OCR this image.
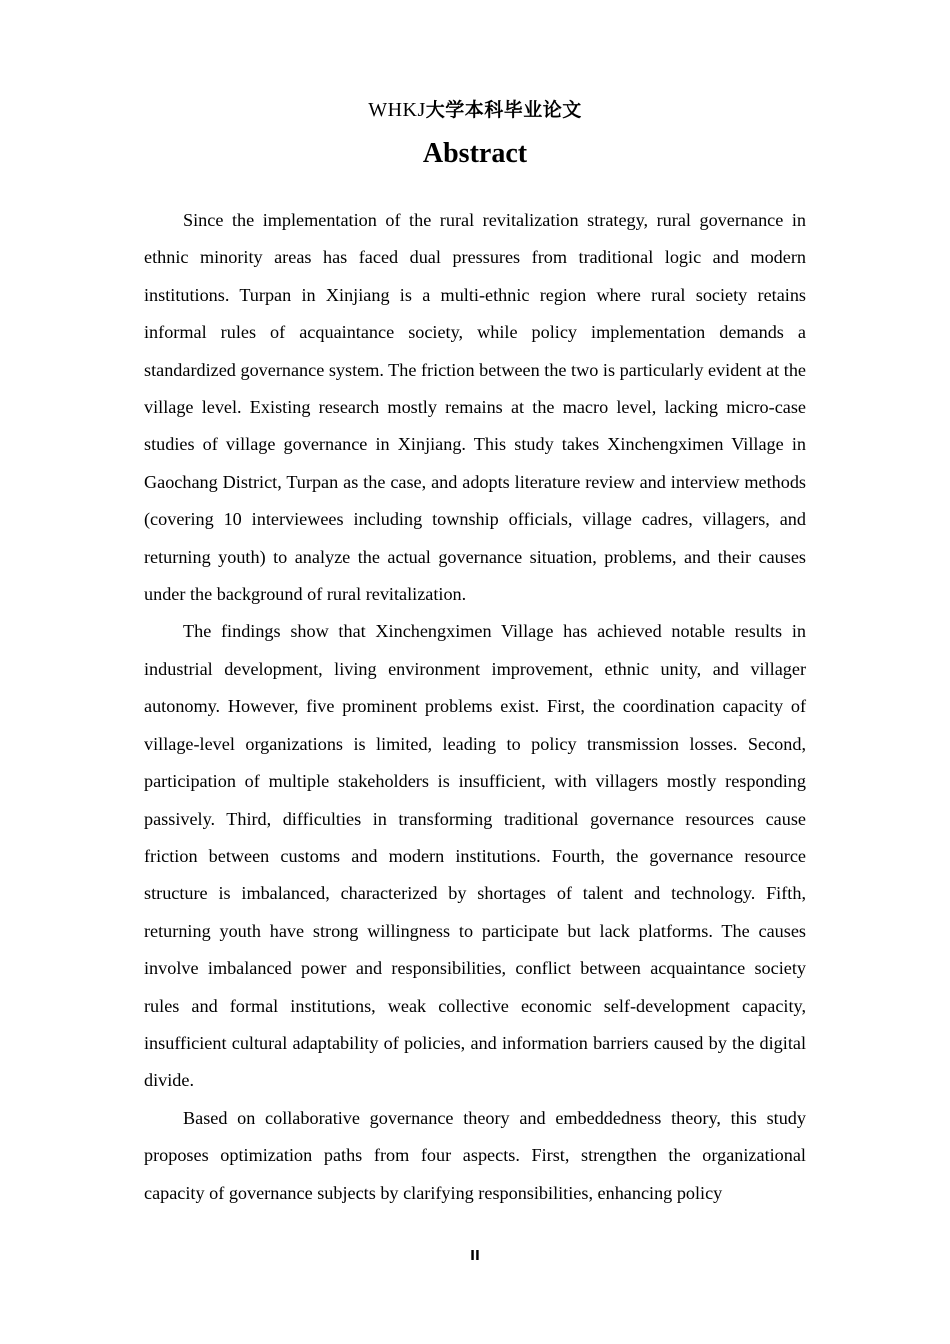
WHKJ大学本科毕业论文
Abstract

Since the implementation of the rural revitalization strategy, rural governance in ethnic minority areas has faced dual pressures from traditional logic and modern institutions. Turpan in Xinjiang is a multi-ethnic region where rural society retains informal rules of acquaintance society, while policy implementation demands a standardized governance system. The friction between the two is particularly evident at the village level. Existing research mostly remains at the macro level, lacking micro-case studies of village governance in Xinjiang. This study takes Xinchengximen Village in Gaochang District, Turpan as the case, and adopts literature review and interview methods (covering 10 interviewees including township officials, village cadres, villagers, and returning youth) to analyze the actual governance situation, problems, and their causes under the background of rural revitalization.

The findings show that Xinchengximen Village has achieved notable results in industrial development, living environment improvement, ethnic unity, and villager autonomy. However, five prominent problems exist. First, the coordination capacity of village-level organizations is limited, leading to policy transmission losses. Second, participation of multiple stakeholders is insufficient, with villagers mostly responding passively. Third, difficulties in transforming traditional governance resources cause friction between customs and modern institutions. Fourth, the governance resource structure is imbalanced, characterized by shortages of talent and technology. Fifth, returning youth have strong willingness to participate but lack platforms. The causes involve imbalanced power and responsibilities, conflict between acquaintance society rules and formal institutions, weak collective economic self-development capacity, insufficient cultural adaptability of policies, and information barriers caused by the digital divide.

Based on collaborative governance theory and embeddedness theory, this study proposes optimization paths from four aspects. First, strengthen the organizational capacity of governance subjects by clarifying responsibilities, enhancing policy

II
